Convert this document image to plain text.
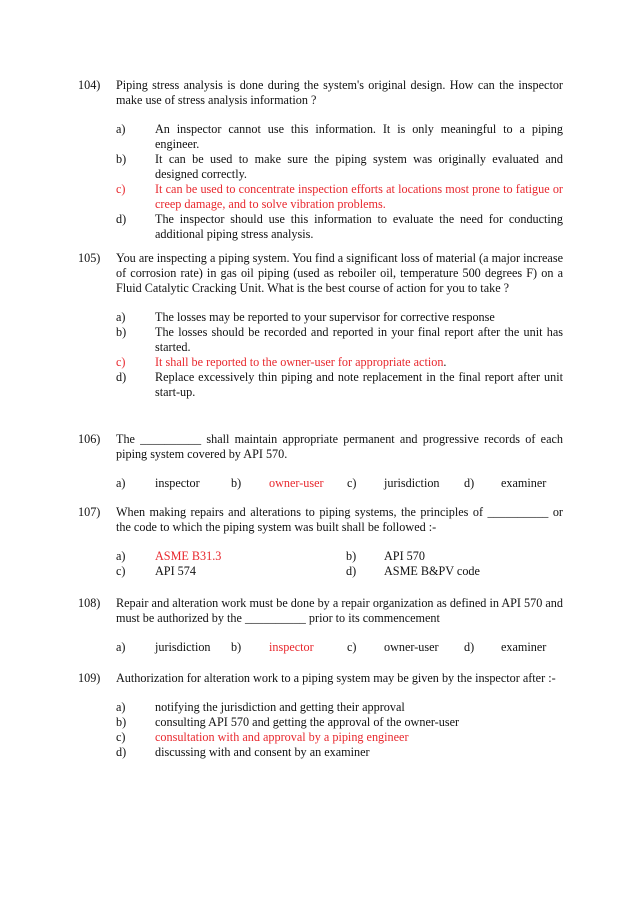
104) Piping stress analysis is done during the system's original design. How can the inspector make use of stress analysis information ?
a)	An inspector cannot use this information. It is only meaningful to a piping engineer.
b)	It can be used to make sure the piping system was originally evaluated and designed correctly.
c)	It can be used to concentrate inspection efforts at locations most prone to fatigue or creep damage, and to solve vibration problems.
d)	The inspector should use this information to evaluate the need for conducting additional piping stress analysis.
105) You are inspecting a piping system. You find a significant loss of material (a major increase of corrosion rate) in gas oil piping (used as reboiler oil, temperature 500 degrees F) on a Fluid Catalytic Cracking Unit. What is the best course of action for you to take ?
a)	The losses may be reported to your supervisor for corrective response
b)	The losses should be recorded and reported in your final report after the unit has started.
c)	It shall be reported to the owner-user for appropriate action.
d)	Replace excessively thin piping and note replacement in the final report after unit start-up.
106) The __________ shall maintain appropriate permanent and progressive records of each piping system covered by API 570.
a) inspector	b) owner-user c) jurisdiction d) examiner
107) When making repairs and alterations to piping systems, the principles of __________ or the code to which the piping system was built shall be followed :-
a) ASME B31.3	b) API 570
c) API 574	d) ASME B&PV code
108) Repair and alteration work must be done by a repair organization as defined in API 570 and must be authorized by the __________ prior to its commencement
a) jurisdiction b) inspector	c) owner-user d) examiner
109) Authorization for alteration work to a piping system may be given by the inspector after :-
a)	notifying the jurisdiction and getting their approval
b)	consulting API 570 and getting the approval of the owner-user
c)	consultation with and approval by a piping engineer
d)	discussing with and consent by an examiner
